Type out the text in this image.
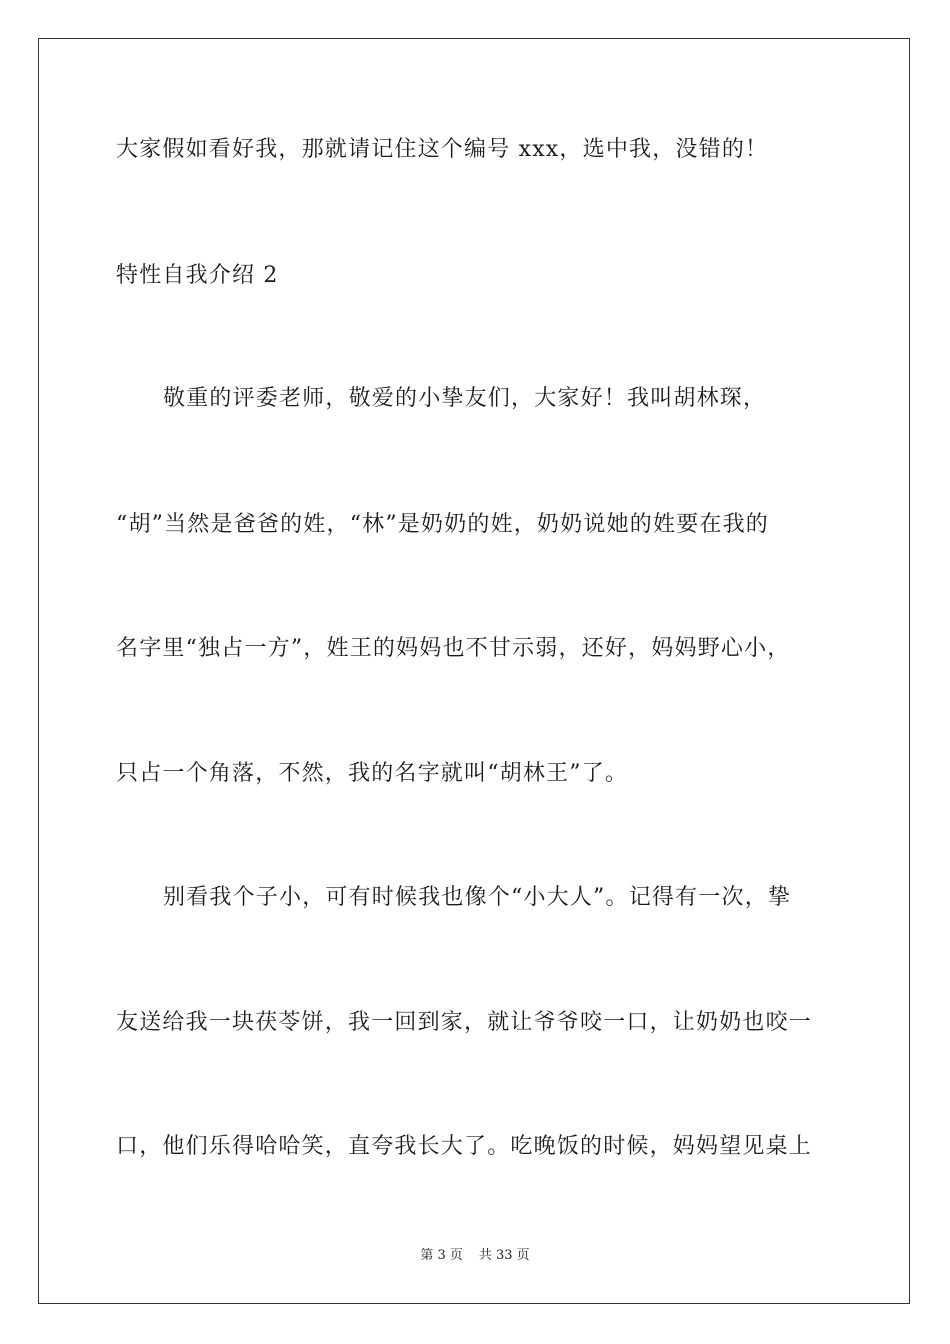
大家假如看好我，那就请记住这个编号 xxx，选中我，没错的！
特性自我介绍 2
敬重的评委老师，敬爱的小挚友们，大家好！我叫胡林琛，
“胡”当然是爸爸的姓，“林”是奶奶的姓，奶奶说她的姓要在我的
名字里“独占一方”，姓王的妈妈也不甘示弱，还好，妈妈野心小，
只占一个角落，不然，我的名字就叫“胡林王”了。
别看我个子小，可有时候我也像个“小大人”。记得有一次，挚
友送给我一块茯苓饼，我一回到家，就让爷爷咬一口，让奶奶也咬一
口，他们乐得哈哈笑，直夸我长大了。吃晚饭的时候，妈妈望见桌上
第 3 页 共 33 页
